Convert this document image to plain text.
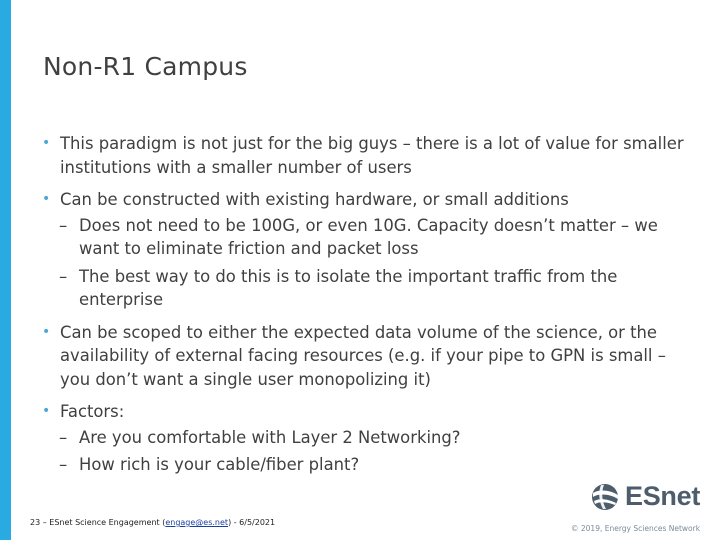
Non-R1 Campus
• This paradigm is not just for the big guys – there is a lot of value for smaller institutions with a smaller number of users
• Can be constructed with existing hardware, or small additions
– Does not need to be 100G, or even 10G. Capacity doesn’t matter – we want to eliminate friction and packet loss
– The best way to do this is to isolate the important traffic from the enterprise
• Can be scoped to either the expected data volume of the science, or the availability of external facing resources (e.g. if your pipe to GPN is small – you don’t want a single user monopolizing it)
• Factors:
– Are you comfortable with Layer 2 Networking?
– How rich is your cable/fiber plant?
23 – ESnet Science Engagement (engage@es.net) - 6/5/2021
ESnet
© 2019, Energy Sciences Network
